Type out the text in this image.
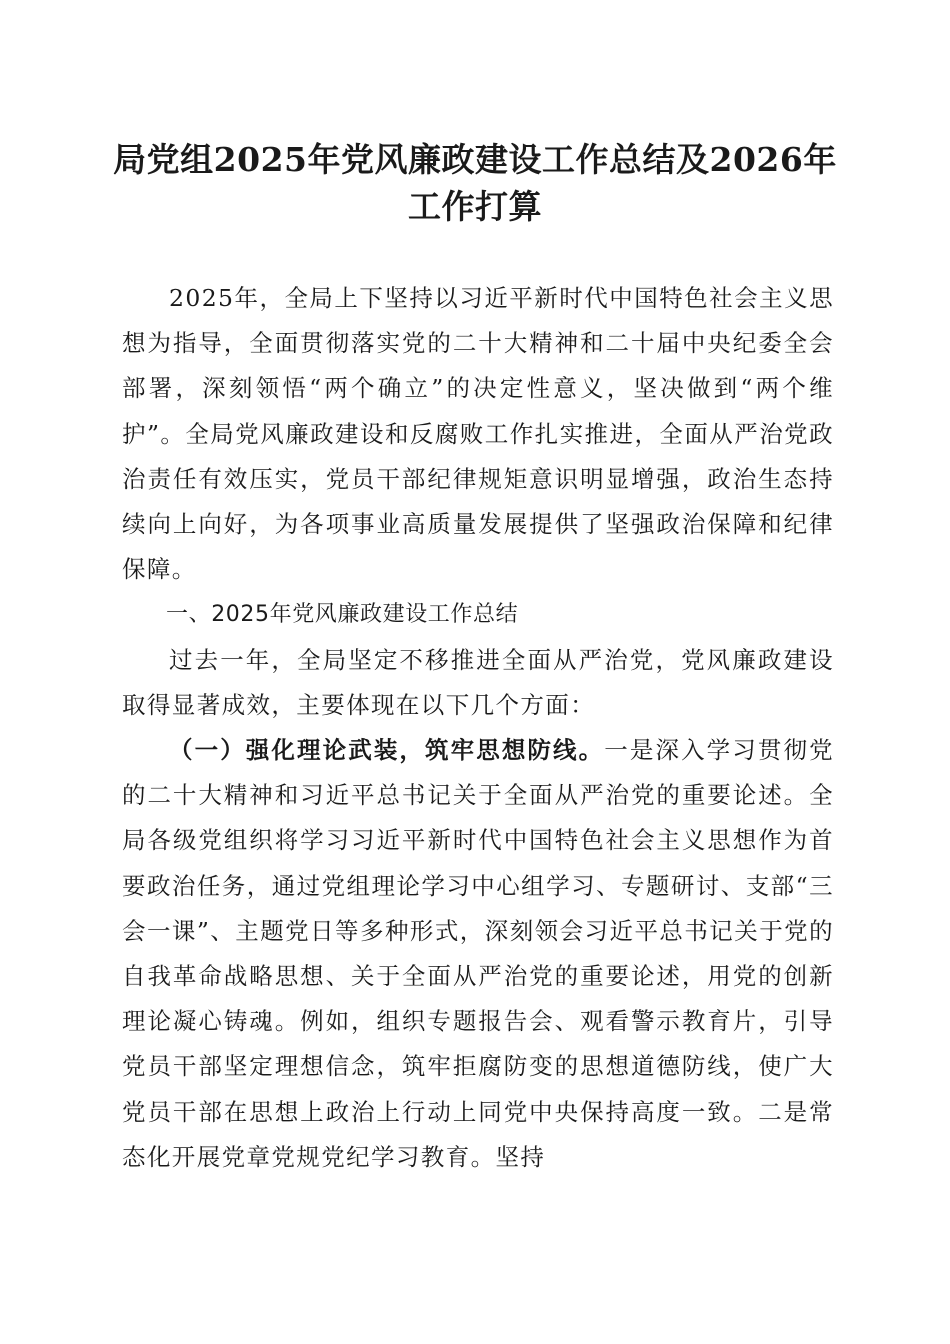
局党组2025年党风廉政建设工作总结及2026年工作打算

2025年，全局上下坚持以习近平新时代中国特色社会主义思想为指导，全面贯彻落实党的二十大精神和二十届中央纪委全会部署，深刻领悟“两个确立”的决定性意义，坚决做到“两个维护”。全局党风廉政建设和反腐败工作扎实推进，全面从严治党政治责任有效压实，党员干部纪律规矩意识明显增强，政治生态持续向上向好，为各项事业高质量发展提供了坚强政治保障和纪律保障。

一、2025年党风廉政建设工作总结

过去一年，全局坚定不移推进全面从严治党，党风廉政建设取得显著成效，主要体现在以下几个方面：

（一）强化理论武装，筑牢思想防线。一是深入学习贯彻党的二十大精神和习近平总书记关于全面从严治党的重要论述。全局各级党组织将学习习近平新时代中国特色社会主义思想作为首要政治任务，通过党组理论学习中心组学习、专题研讨、支部“三会一课”、主题党日等多种形式，深刻领会习近平总书记关于党的自我革命战略思想、关于全面从严治党的重要论述，用党的创新理论凝心铸魂。例如，组织专题报告会、观看警示教育片，引导党员干部坚定理想信念，筑牢拒腐防变的思想道德防线，使广大党员干部在思想上政治上行动上同党中央保持高度一致。二是常态化开展党章党规党纪学习教育。坚持
